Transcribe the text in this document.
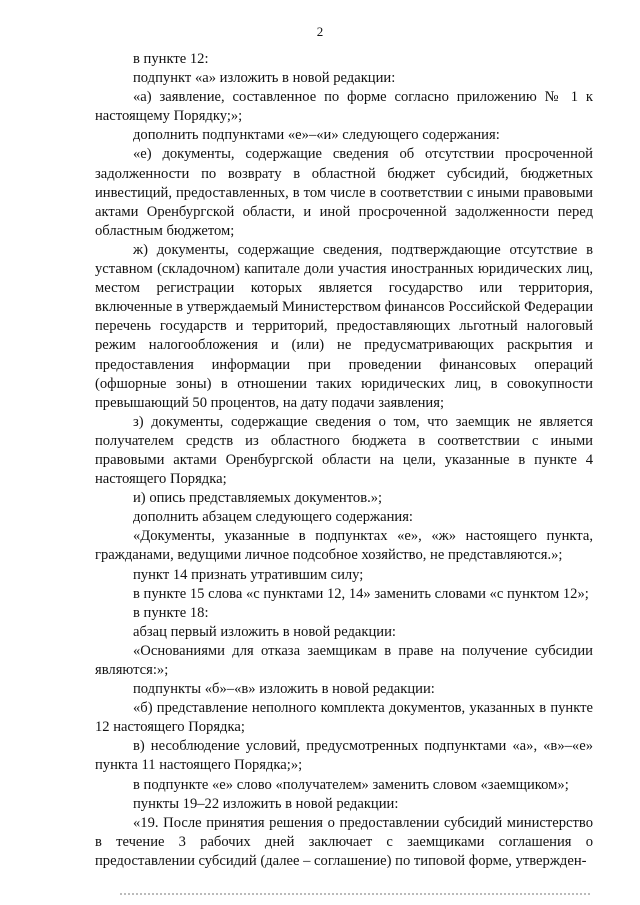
2

в пункте 12:

подпункт «а» изложить в новой редакции:

«а) заявление, составленное по форме согласно приложению № 1 к настоящему Порядку;»;

дополнить подпунктами «е»–«и» следующего содержания:

«е) документы, содержащие сведения об отсутствии просроченной задолженности по возврату в областной бюджет субсидий, бюджетных инвестиций, предоставленных, в том числе в соответствии с иными правовыми актами Оренбургской области, и иной просроченной задолженности перед областным бюджетом;

ж) документы, содержащие сведения, подтверждающие отсутствие в уставном (складочном) капитале доли участия иностранных юридических лиц, местом регистрации которых является государство или территория, включенные в утверждаемый Министерством финансов Российской Федерации перечень государств и территорий, предоставляющих льготный налоговый режим налогообложения и (или) не предусматривающих раскрытия и предоставления информации при проведении финансовых операций (офшорные зоны) в отношении таких юридических лиц, в совокупности превышающий 50 процентов, на дату подачи заявления;

з) документы, содержащие сведения о том, что заемщик не является получателем средств из областного бюджета в соответствии с иными правовыми актами Оренбургской области на цели, указанные в пункте 4 настоящего Порядка;

и) опись представляемых документов.»;

дополнить абзацем следующего содержания:

«Документы, указанные в подпунктах «е», «ж» настоящего пункта, гражданами, ведущими личное подсобное хозяйство, не представляются.»;

пункт 14 признать утратившим силу;

в пункте 15 слова «с пунктами 12, 14» заменить словами «с пунктом 12»;

в пункте 18:

абзац первый изложить в новой редакции:

«Основаниями для отказа заемщикам в праве на получение субсидии являются:»;

подпункты «б»–«в» изложить в новой редакции:

«б) представление неполного комплекта документов, указанных в пункте 12 настоящего Порядка;

в) несоблюдение условий, предусмотренных подпунктами «а», «в»–«е» пункта 11 настоящего Порядка;»;

в подпункте «е» слово «получателем» заменить словом «заемщиком»;

пункты 19–22 изложить в новой редакции:

«19. После принятия решения о предоставлении субсидий министерство в течение 3 рабочих дней заключает с заемщиками соглашения о предоставлении субсидий (далее – соглашение) по типовой форме, утвержден-
